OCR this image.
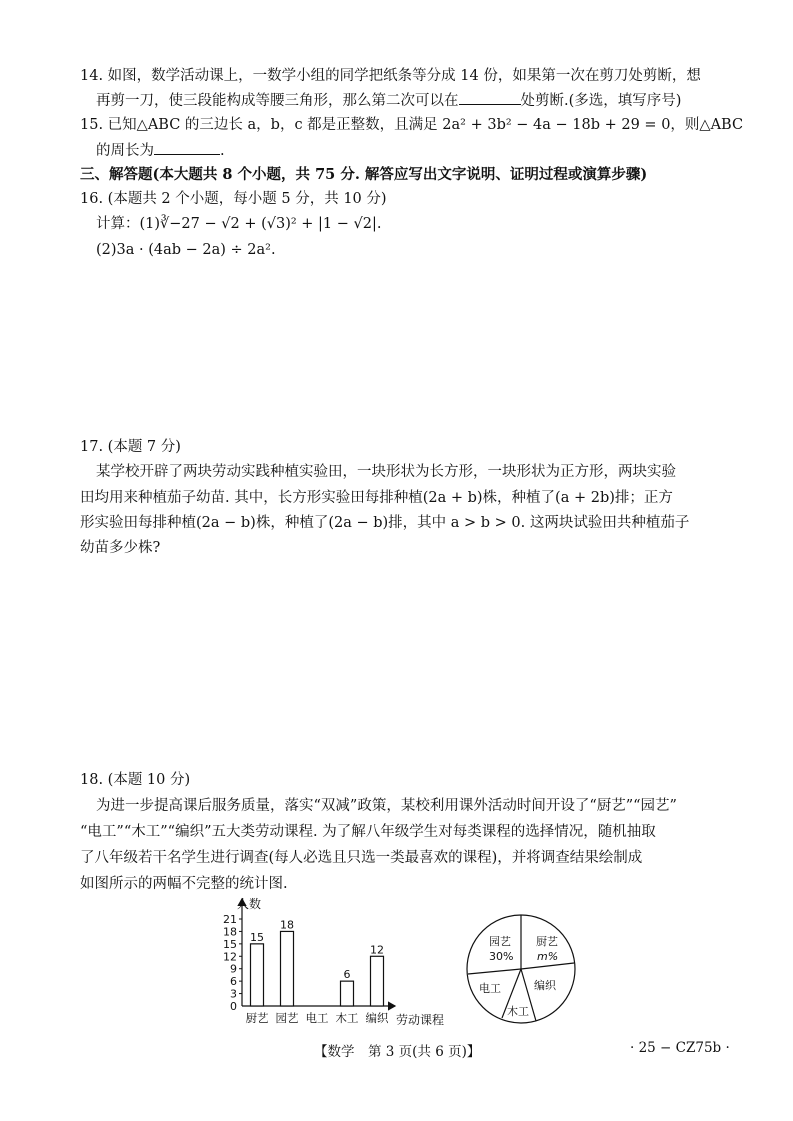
14. 如图，数学活动课上，一数学小组的同学把纸条等分成 14 份，如果第一次在剪刀处剪断，想
再剪一刀，使三段能构成等腰三角形，那么第二次可以在	处剪断.(多选，填写序号)
15. 已知△ABC 的三边长 a，b，c 都是正整数，且满足 2a² + 3b² − 4a − 18b + 29 = 0，则△ABC
的周长为	.
三、解答题(本大题共 8 个小题，共 75 分. 解答应写出文字说明、证明过程或演算步骤)
16. (本题共 2 个小题，每小题 5 分，共 10 分)
计算：(1)∛−27 − √2 + (√3)² + |1 − √2|.
(2)3a · (4ab − 2a) ÷ 2a².
17. (本题 7 分)
某学校开辟了两块劳动实践种植实验田，一块形状为长方形，一块形状为正方形，两块实验
田均用来种植茄子幼苗. 其中，长方形实验田每排种植(2a + b)株，种植了(a + 2b)排；正方
形实验田每排种植(2a − b)株，种植了(2a − b)排，其中 a > b > 0. 这两块试验田共种植茄子
幼苗多少株?
18. (本题 10 分)
为进一步提高课后服务质量，落实“双减”政策，某校利用课外活动时间开设了“厨艺”“园艺”
“电工”“木工”“编织”五大类劳动课程. 为了解八年级学生对每类课程的选择情况，随机抽取
了八年级若干名学生进行调查(每人必选且只选一类最喜欢的课程)，并将调查结果绘制成
如图所示的两幅不完整的统计图.
0
3
6
9
12
15
18
21
厨艺
15
园艺
18
电工 木工
6
编织
12
人数
劳动课程
园艺
30%
厨艺
m%
编织
木工
电工
【数学　第 3 页(共 6 页)】	· 25 − CZ75b ·
